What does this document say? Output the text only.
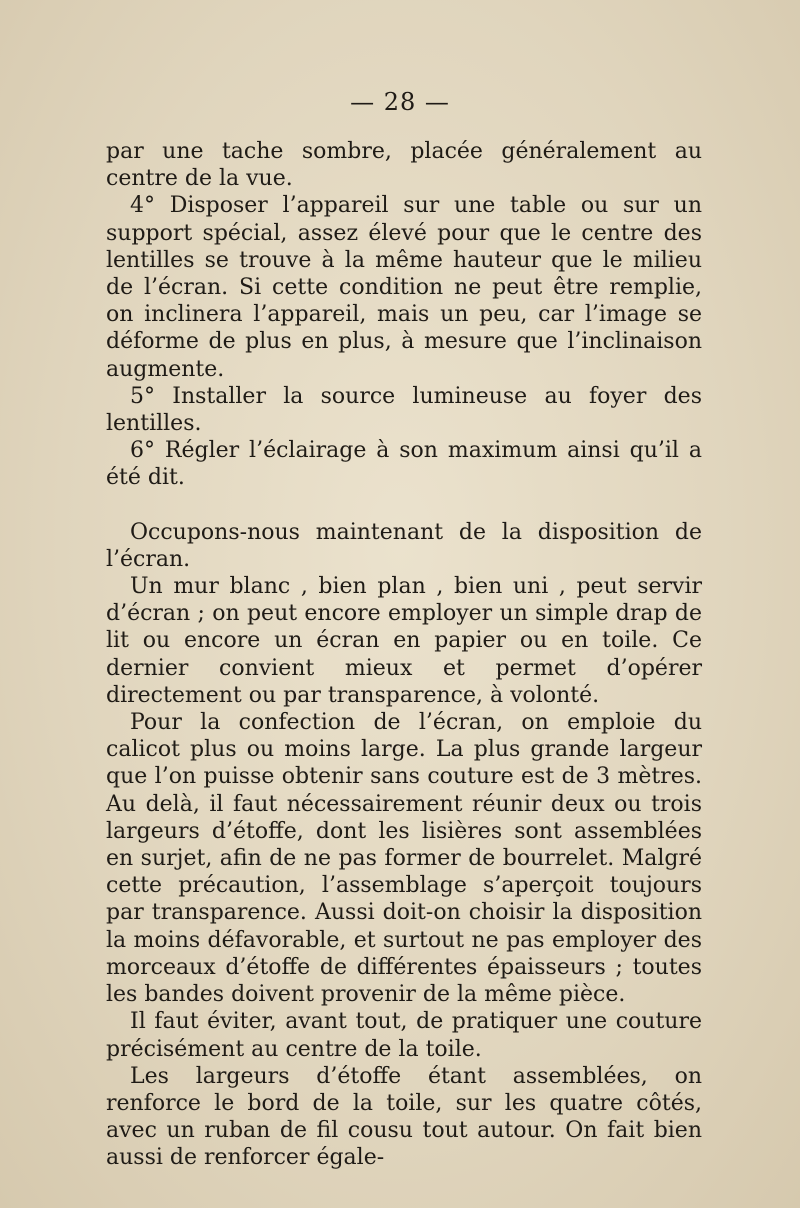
— 28 —

par une tache sombre, placée généralement au centre de la vue.

4° Disposer l’appareil sur une table ou sur un support spécial, assez élevé pour que le centre des lentilles se trouve à la même hauteur que le milieu de l’écran. Si cette condition ne peut être remplie, on inclinera l’appareil, mais un peu, car l’image se déforme de plus en plus, à mesure que l’inclinaison augmente.

5° Installer la source lumineuse au foyer des lentilles.

6° Régler l’éclairage à son maximum ainsi qu’il a été dit.

Occupons-nous maintenant de la disposition de l’écran.

Un mur blanc , bien plan , bien uni , peut servir d’écran ; on peut encore employer un simple drap de lit ou encore un écran en papier ou en toile. Ce dernier convient mieux et permet d’opérer directement ou par transparence, à volonté.

Pour la confection de l’écran, on emploie du calicot plus ou moins large. La plus grande largeur que l’on puisse obtenir sans couture est de 3 mètres. Au delà, il faut nécessairement réunir deux ou trois largeurs d’étoffe, dont les lisières sont assemblées en surjet, afin de ne pas former de bourrelet. Malgré cette précaution, l’assemblage s’aperçoit toujours par transparence. Aussi doit-on choisir la disposition la moins défavorable, et surtout ne pas employer des morceaux d’étoffe de différentes épaisseurs ; toutes les bandes doivent provenir de la même pièce.

Il faut éviter, avant tout, de pratiquer une couture précisément au centre de la toile.

Les largeurs d’étoffe étant assemblées, on renforce le bord de la toile, sur les quatre côtés, avec un ruban de fil cousu tout autour. On fait bien aussi de renforcer égale-
